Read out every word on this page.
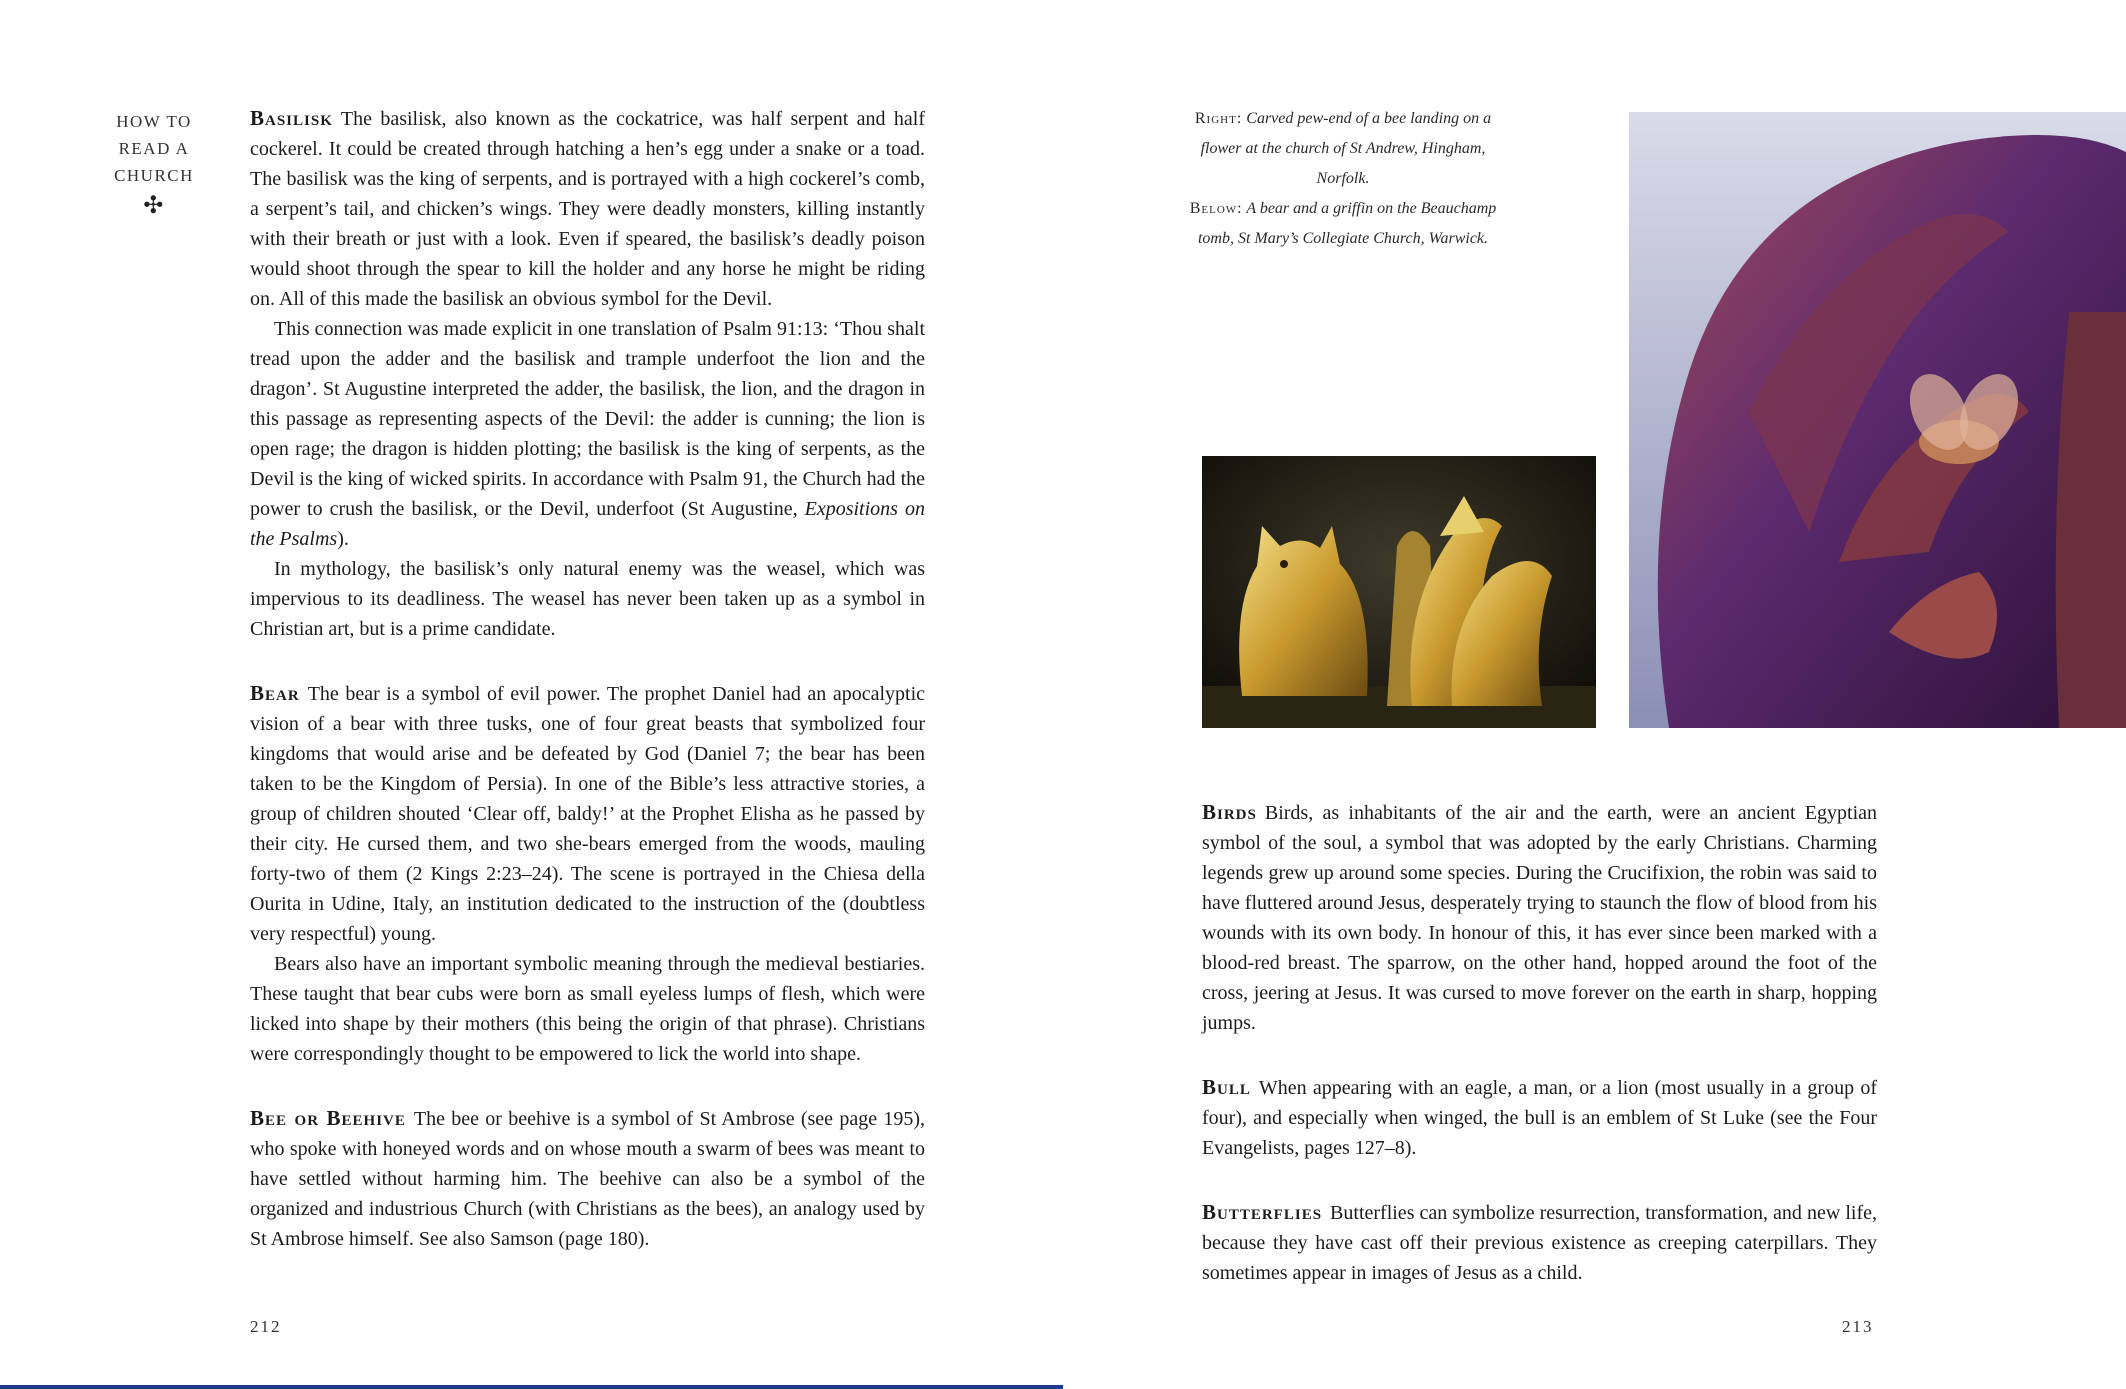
HOW TO
READ A
CHURCH
✣

Basilisk The basilisk, also known as the cockatrice, was half serpent and half cockerel. It could be created through hatching a hen’s egg under a snake or a toad. The basilisk was the king of serpents, and is portrayed with a high cockerel’s comb, a serpent’s tail, and chicken’s wings. They were deadly monsters, killing instantly with their breath or just with a look. Even if speared, the basilisk’s deadly poison would shoot through the spear to kill the holder and any horse he might be riding on. All of this made the basilisk an obvious symbol for the Devil.

This connection was made explicit in one translation of Psalm 91:13: ‘Thou shalt tread upon the adder and the basilisk and trample underfoot the lion and the dragon’. St Augustine interpreted the adder, the basilisk, the lion, and the dragon in this passage as representing aspects of the Devil: the adder is cunning; the lion is open rage; the dragon is hidden plotting; the basilisk is the king of serpents, as the Devil is the king of wicked spirits. In accordance with Psalm 91, the Church had the power to crush the basilisk, or the Devil, underfoot (St Augustine, Expositions on the Psalms).

In mythology, the basilisk’s only natural enemy was the weasel, which was impervious to its deadliness. The weasel has never been taken up as a symbol in Christian art, but is a prime candidate.

Bear The bear is a symbol of evil power. The prophet Daniel had an apocalyptic vision of a bear with three tusks, one of four great beasts that symbolized four kingdoms that would arise and be defeated by God (Daniel 7; the bear has been taken to be the Kingdom of Persia). In one of the Bible’s less attractive stories, a group of children shouted ‘Clear off, baldy!’ at the Prophet Elisha as he passed by their city. He cursed them, and two she-bears emerged from the woods, mauling forty-two of them (2 Kings 2:23–24). The scene is portrayed in the Chiesa della Ourita in Udine, Italy, an institution dedicated to the instruction of the (doubtless very respectful) young.

Bears also have an important symbolic meaning through the medieval bestiaries. These taught that bear cubs were born as small eyeless lumps of flesh, which were licked into shape by their mothers (this being the origin of that phrase). Christians were correspondingly thought to be empowered to lick the world into shape.

Bee or Beehive The bee or beehive is a symbol of St Ambrose (see page 195), who spoke with honeyed words and on whose mouth a swarm of bees was meant to have settled without harming him. The beehive can also be a symbol of the organized and industrious Church (with Christians as the bees), an analogy used by St Ambrose himself. See also Samson (page 180).

212
Right: Carved pew-end of a bee landing on a flower at the church of St Andrew, Hingham, Norfolk.
Below: A bear and a griffin on the Beauchamp tomb, St Mary’s Collegiate Church, Warwick.

Birds Birds, as inhabitants of the air and the earth, were an ancient Egyptian symbol of the soul, a symbol that was adopted by the early Christians. Charming legends grew up around some species. During the Crucifixion, the robin was said to have fluttered around Jesus, desperately trying to staunch the flow of blood from his wounds with its own body. In honour of this, it has ever since been marked with a blood-red breast. The sparrow, on the other hand, hopped around the foot of the cross, jeering at Jesus. It was cursed to move forever on the earth in sharp, hopping jumps.

Bull When appearing with an eagle, a man, or a lion (most usually in a group of four), and especially when winged, the bull is an emblem of St Luke (see the Four Evangelists, pages 127–8).

Butterflies Butterflies can symbolize resurrection, transformation, and new life, because they have cast off their previous existence as creeping caterpillars. They sometimes appear in images of Jesus as a child.

213
